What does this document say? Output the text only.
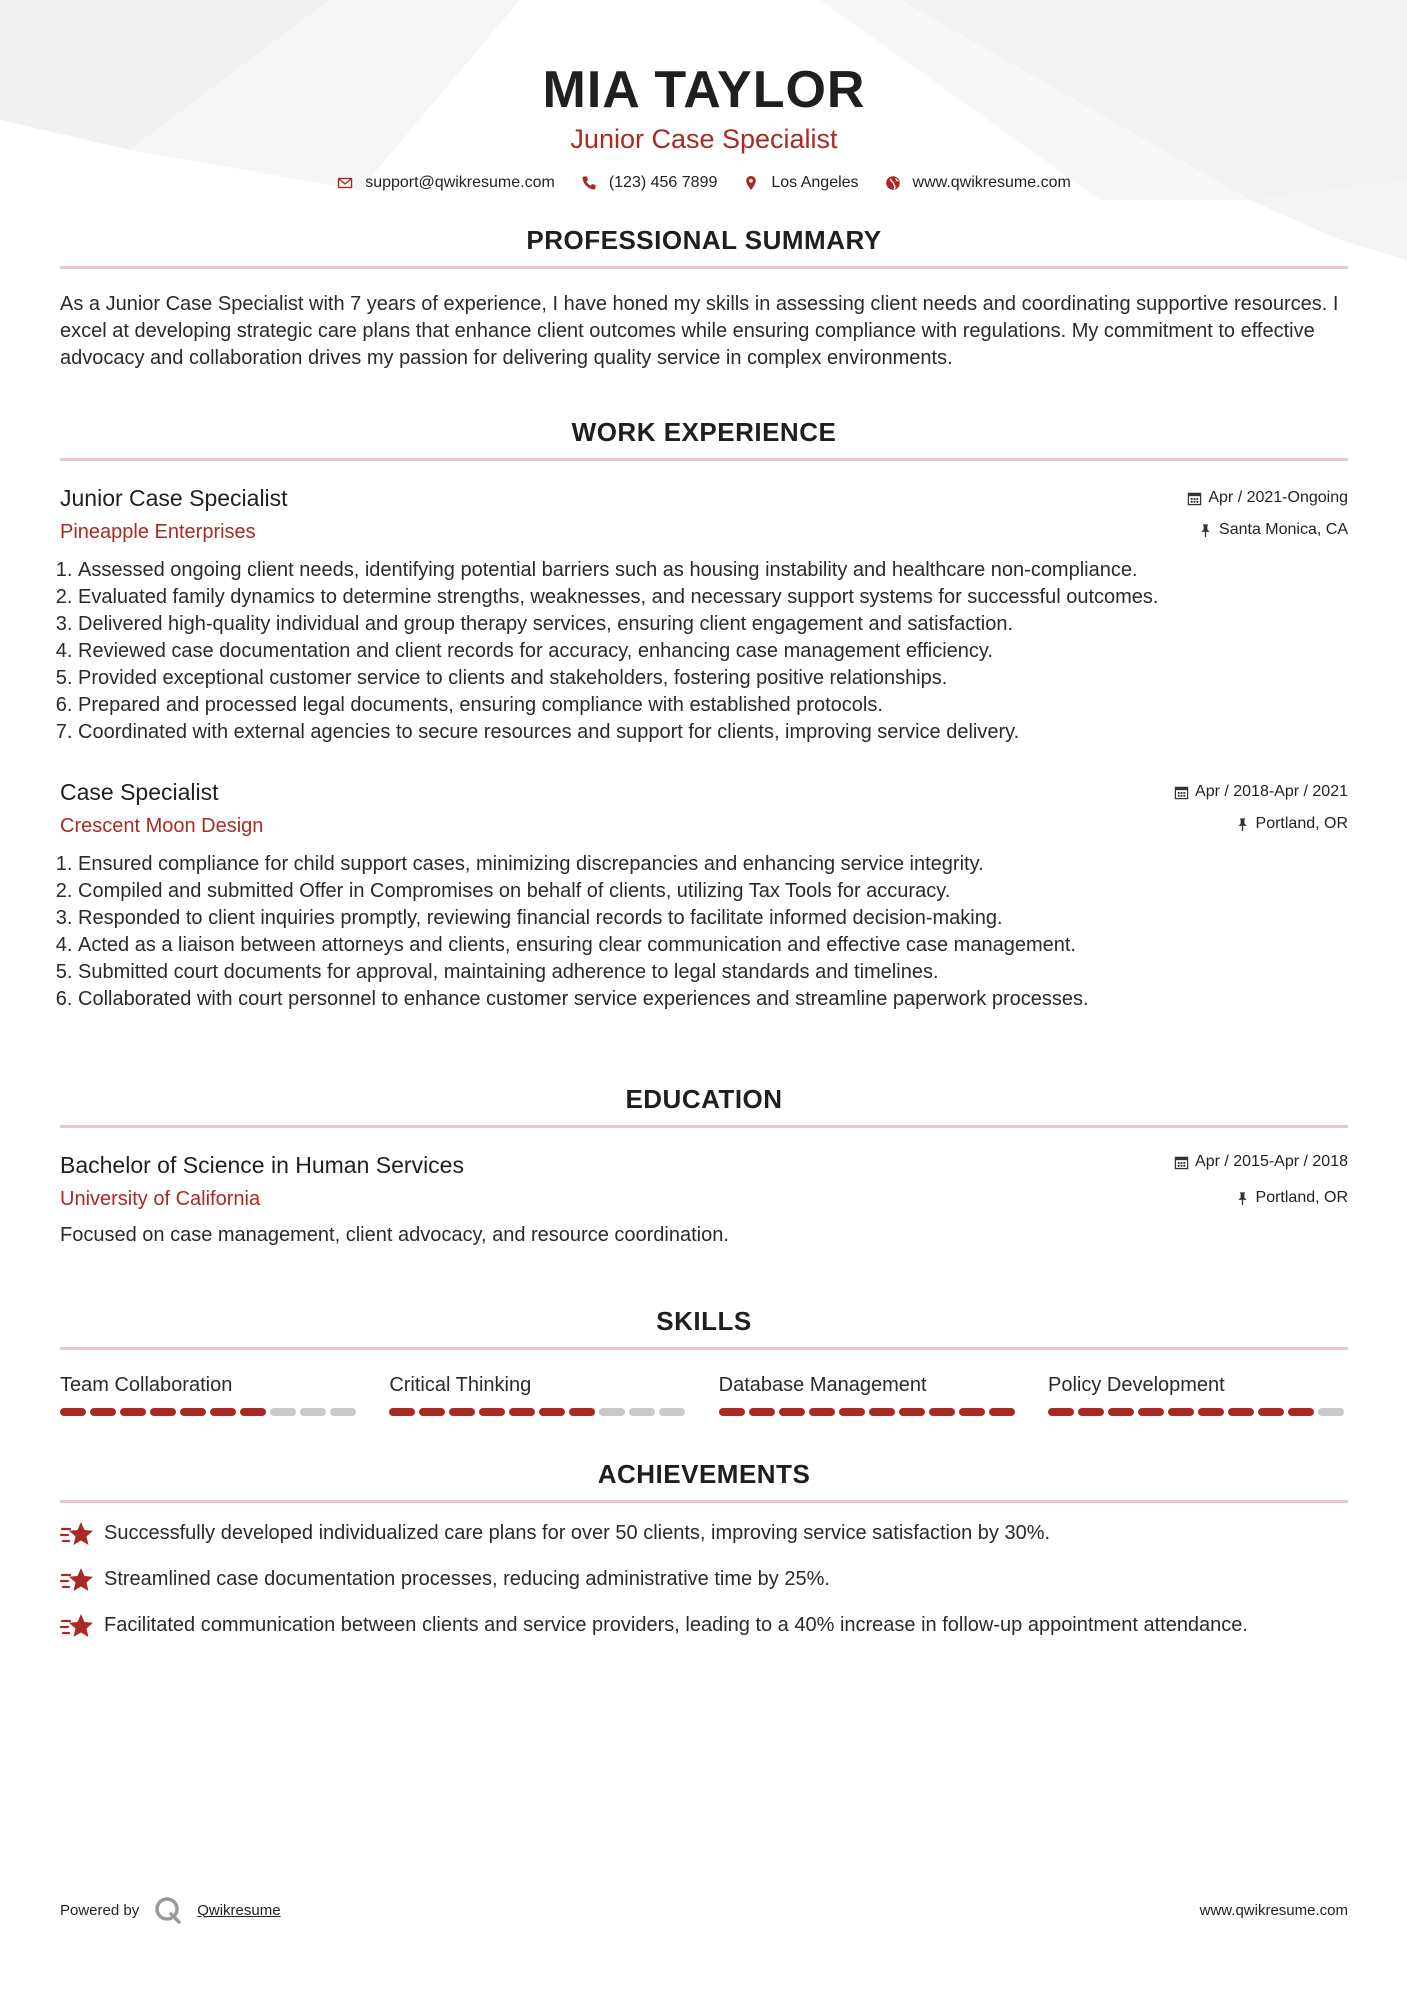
MIA TAYLOR
Junior Case Specialist
support@qwikresume.com	(123) 456 7899	Los Angeles	www.qwikresume.com
PROFESSIONAL SUMMARY
As a Junior Case Specialist with 7 years of experience, I have honed my skills in assessing client needs and coordinating supportive resources. I excel at developing strategic care plans that enhance client outcomes while ensuring compliance with regulations. My commitment to effective advocacy and collaboration drives my passion for delivering quality service in complex environments.
WORK EXPERIENCE
Junior Case Specialist
Pineapple Enterprises
Apr / 2021-Ongoing
Santa Monica, CA
1. Assessed ongoing client needs, identifying potential barriers such as housing instability and healthcare non-compliance.
2. Evaluated family dynamics to determine strengths, weaknesses, and necessary support systems for successful outcomes.
3. Delivered high-quality individual and group therapy services, ensuring client engagement and satisfaction.
4. Reviewed case documentation and client records for accuracy, enhancing case management efficiency.
5. Provided exceptional customer service to clients and stakeholders, fostering positive relationships.
6. Prepared and processed legal documents, ensuring compliance with established protocols.
7. Coordinated with external agencies to secure resources and support for clients, improving service delivery.
Case Specialist
Crescent Moon Design
Apr / 2018-Apr / 2021
Portland, OR
1. Ensured compliance for child support cases, minimizing discrepancies and enhancing service integrity.
2. Compiled and submitted Offer in Compromises on behalf of clients, utilizing Tax Tools for accuracy.
3. Responded to client inquiries promptly, reviewing financial records to facilitate informed decision-making.
4. Acted as a liaison between attorneys and clients, ensuring clear communication and effective case management.
5. Submitted court documents for approval, maintaining adherence to legal standards and timelines.
6. Collaborated with court personnel to enhance customer service experiences and streamline paperwork processes.
EDUCATION
Bachelor of Science in Human Services
University of California
Apr / 2015-Apr / 2018
Portland, OR
Focused on case management, client advocacy, and resource coordination.
SKILLS
Team Collaboration	Critical Thinking	Database Management	Policy Development
ACHIEVEMENTS
Successfully developed individualized care plans for over 50 clients, improving service satisfaction by 30%.
Streamlined case documentation processes, reducing administrative time by 25%.
Facilitated communication between clients and service providers, leading to a 40% increase in follow-up appointment attendance.
Powered by	Qwikresume	www.qwikresume.com
